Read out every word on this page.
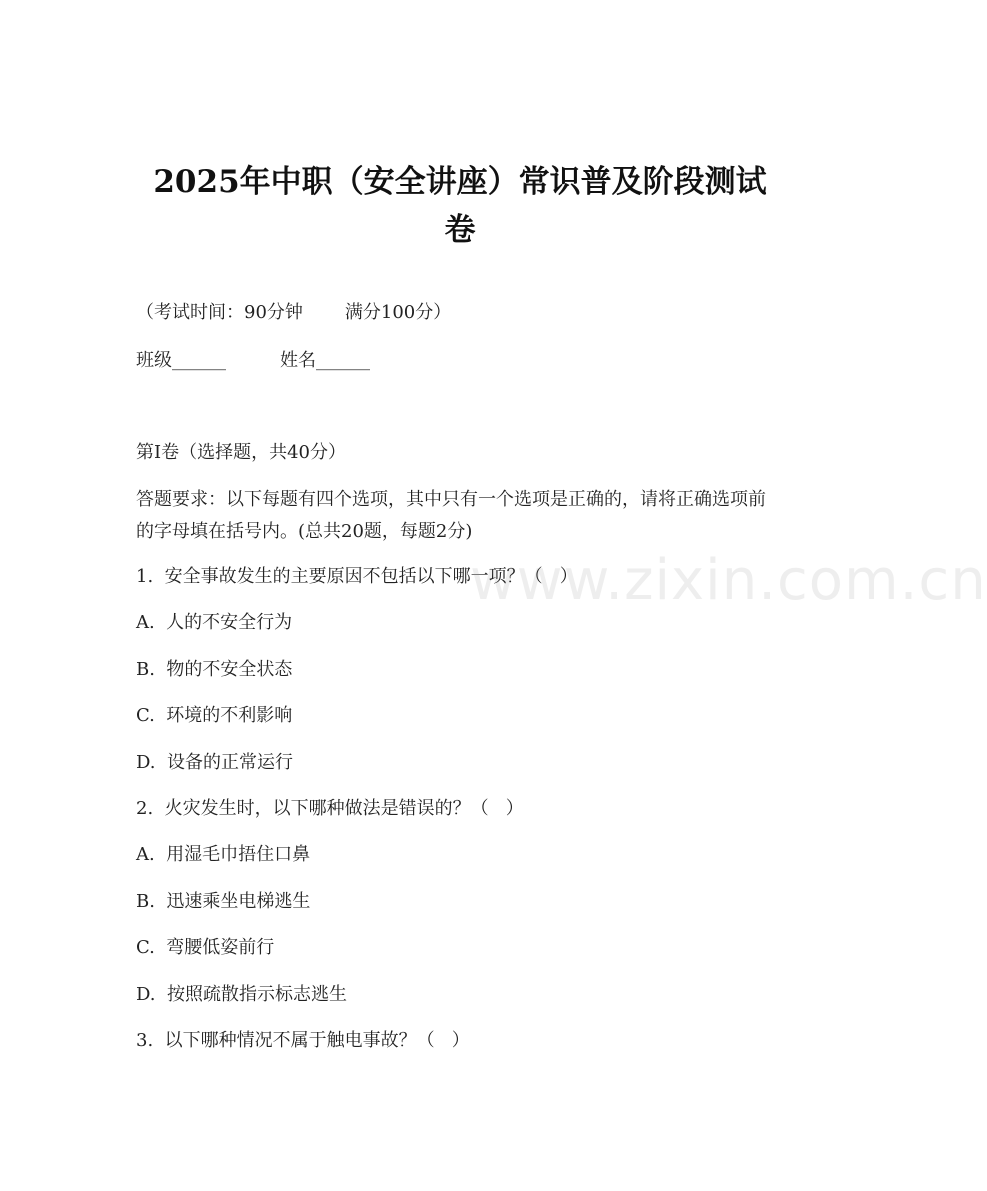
2025年中职（安全讲座）常识普及阶段测试
卷
（考试时间：90分钟 满分100分）
班级______	姓名______
第I卷（选择题，共40分）
答题要求：以下每题有四个选项，其中只有一个选项是正确的，请将正确选项前的字母填在括号内。(总共20题，每题2分)
1.  安全事故发生的主要原因不包括以下哪一项？（   ）
A.  人的不安全行为
B.  物的不安全状态
C.  环境的不利影响
D.  设备的正常运行
2.  火灾发生时，以下哪种做法是错误的？（   ）
A.  用湿毛巾捂住口鼻
B.  迅速乘坐电梯逃生
C.  弯腰低姿前行
D.  按照疏散指示标志逃生
3.  以下哪种情况不属于触电事故？（   ）
www.zixin.com.cn
